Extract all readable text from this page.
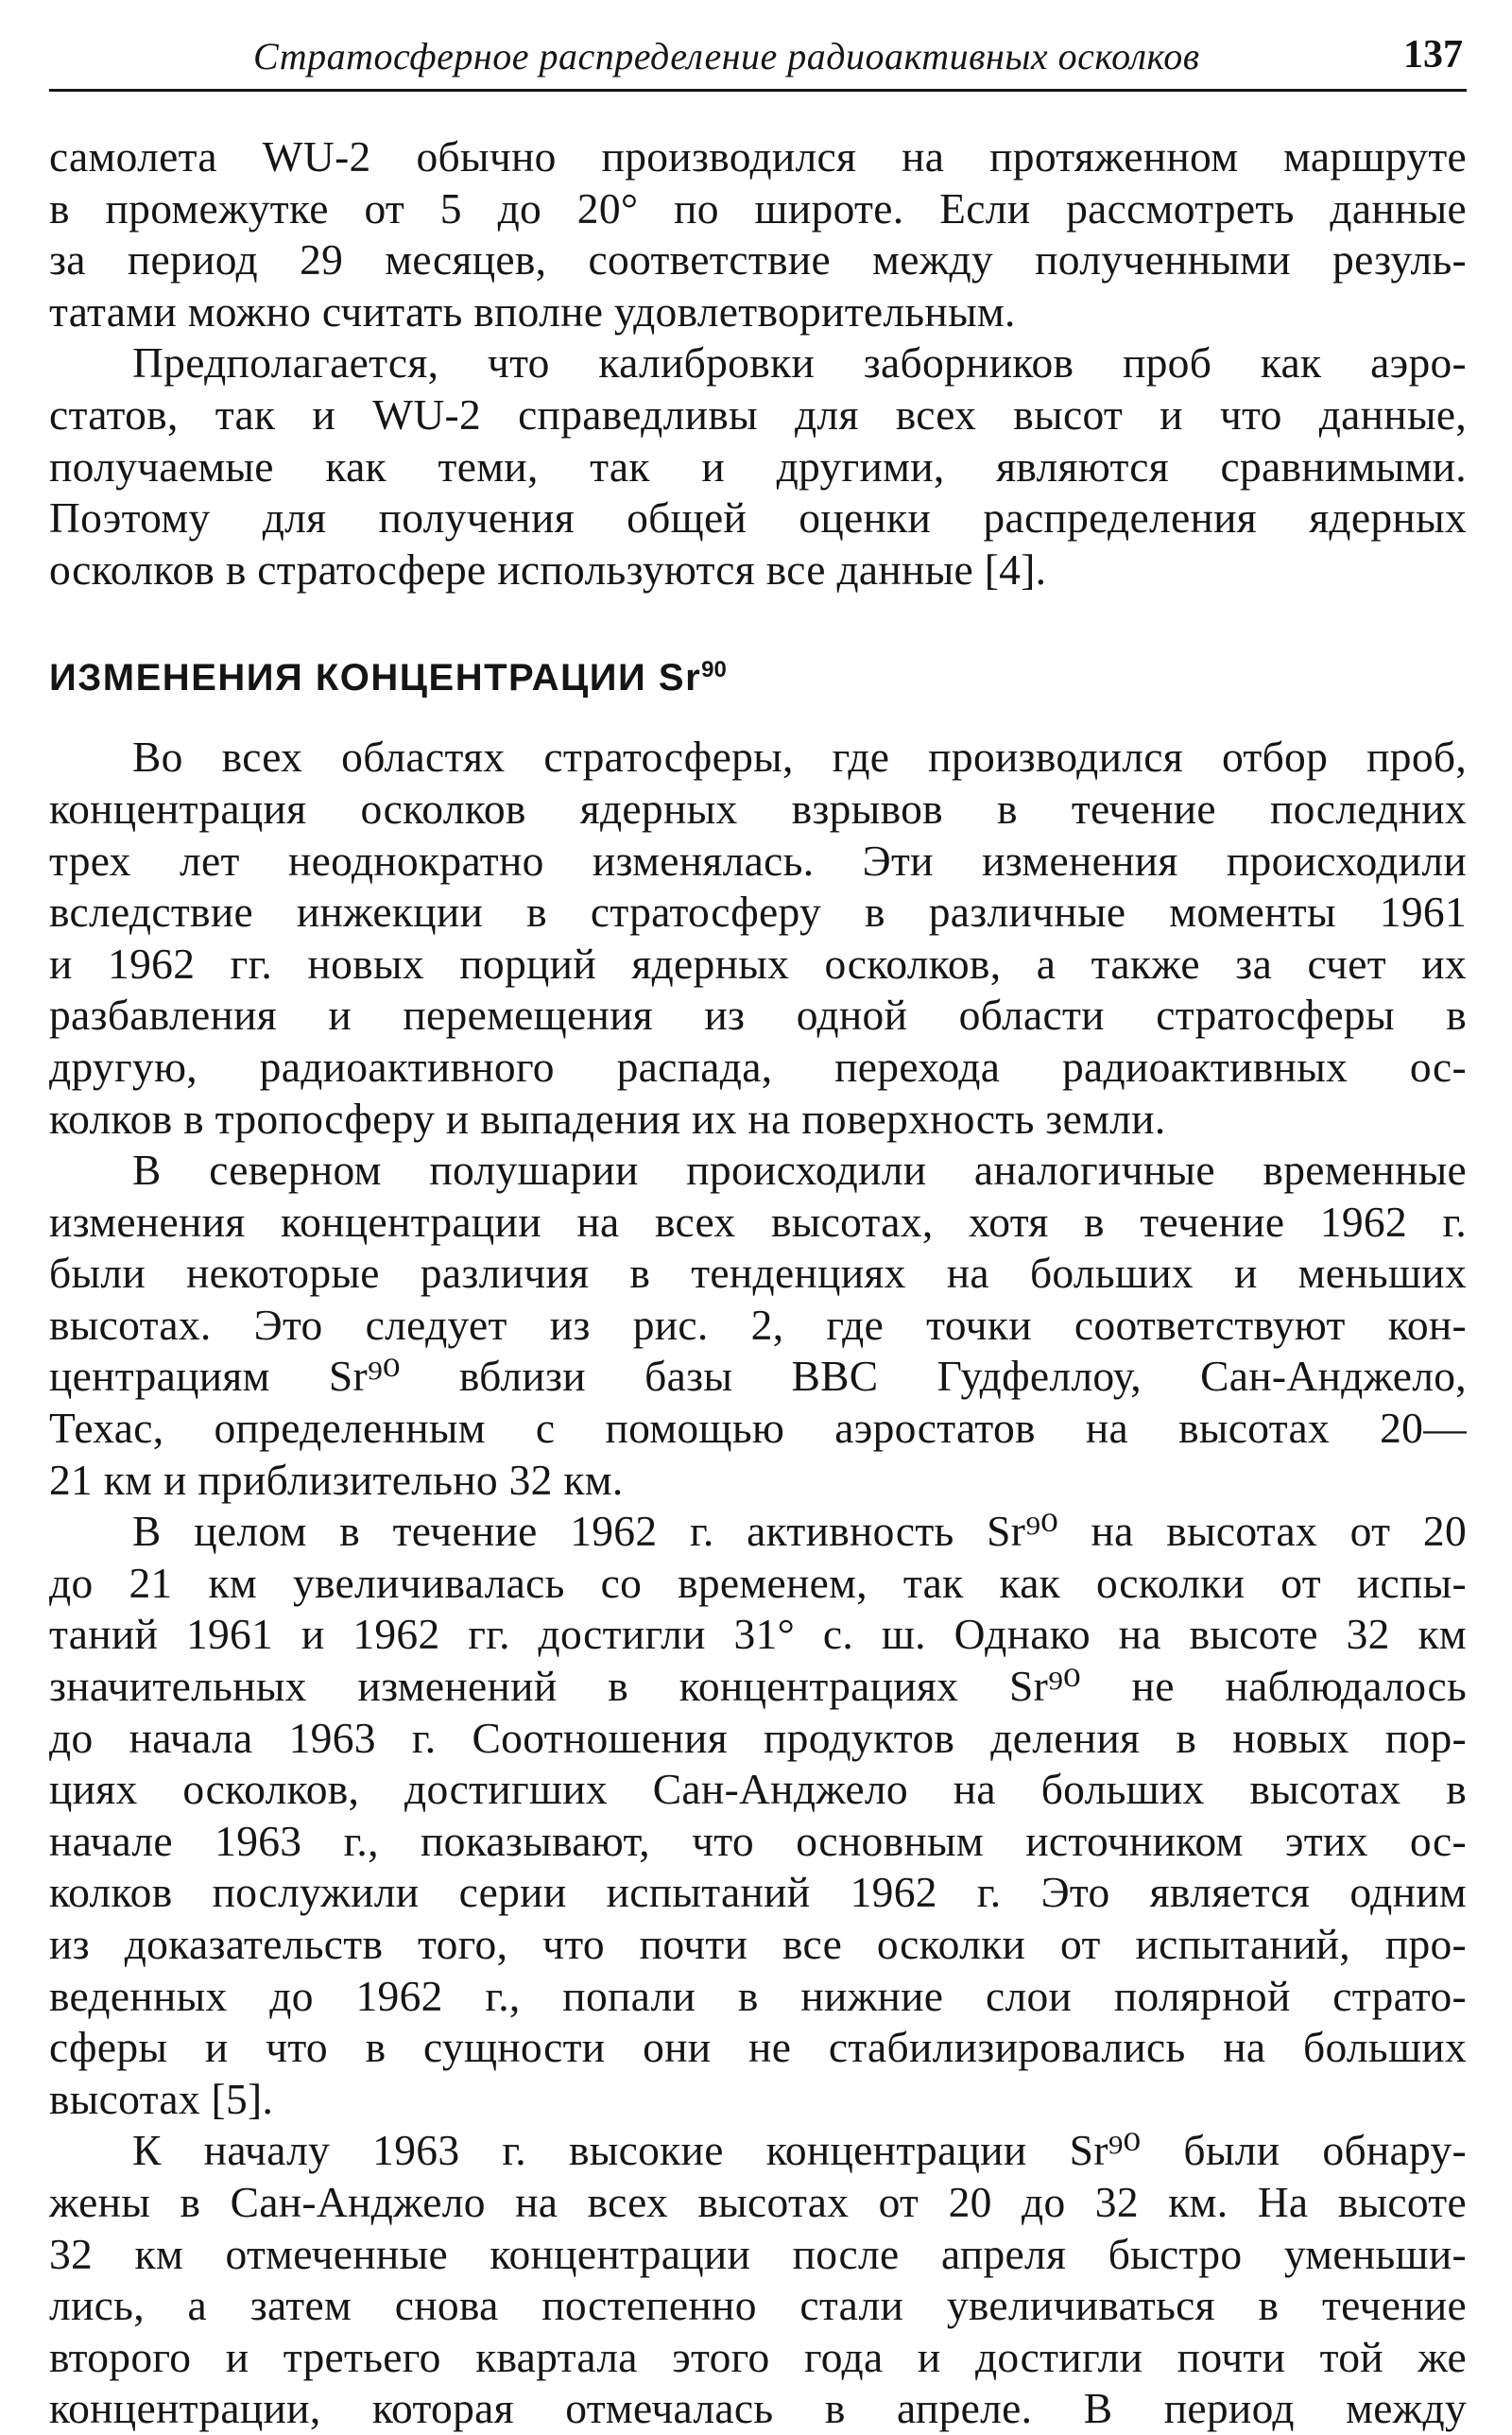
Стратосферное распределение радиоактивных осколков	137
самолета WU-2 обычно производился на протяженном маршруте
в промежутке от 5 до 20° по широте. Если рассмотреть данные
за период 29 месяцев, соответствие между полученными резуль-
татами можно считать вполне удовлетворительным.
Предполагается, что калибровки заборников проб как аэро-
статов, так и WU-2 справедливы для всех высот и что данные,
получаемые как теми, так и другими, являются сравнимыми.
Поэтому для получения общей оценки распределения ядерных
осколков в стратосфере используются все данные [4].
ИЗМЕНЕНИЯ КОНЦЕНТРАЦИИ Sr$^{90}$
Во всех областях стратосферы, где производился отбор проб,
концентрация осколков ядерных взрывов в течение последних
трех лет неоднократно изменялась. Эти изменения происходили
вследствие инжекции в стратосферу в различные моменты 1961
и 1962 гг. новых порций ядерных осколков, а также за счет их
разбавления и перемещения из одной области стратосферы в
другую, радиоактивного распада, перехода радиоактивных ос-
колков в тропосферу и выпадения их на поверхность земли.
В северном полушарии происходили аналогичные временные
изменения концентрации на всех высотах, хотя в течение 1962 г.
были некоторые различия в тенденциях на больших и меньших
высотах. Это следует из рис. 2, где точки соответствуют кон-
центрациям Sr⁹⁰ вблизи базы ВВС Гудфеллоу, Сан-Анджело,
Техас, определенным с помощью аэростатов на высотах 20—
21 км и приблизительно 32 км.
В целом в течение 1962 г. активность Sr⁹⁰ на высотах от 20
до 21 км увеличивалась со временем, так как осколки от испы-
таний 1961 и 1962 гг. достигли 31° с. ш. Однако на высоте 32 км
значительных изменений в концентрациях Sr⁹⁰ не наблюдалось
до начала 1963 г. Соотношения продуктов деления в новых пор-
циях осколков, достигших Сан-Анджело на больших высотах в
начале 1963 г., показывают, что основным источником этих ос-
колков послужили серии испытаний 1962 г. Это является одним
из доказательств того, что почти все осколки от испытаний, про-
веденных до 1962 г., попали в нижние слои полярной страто-
сферы и что в сущности они не стабилизировались на больших
высотах [5].
К началу 1963 г. высокие концентрации Sr⁹⁰ были обнару-
жены в Сан-Анджело на всех высотах от 20 до 32 км. На высоте
32 км отмеченные концентрации после апреля быстро уменьши-
лись, а затем снова постепенно стали увеличиваться в течение
второго и третьего квартала этого года и достигли почти той же
концентрации, которая отмечалась в апреле. В период между
